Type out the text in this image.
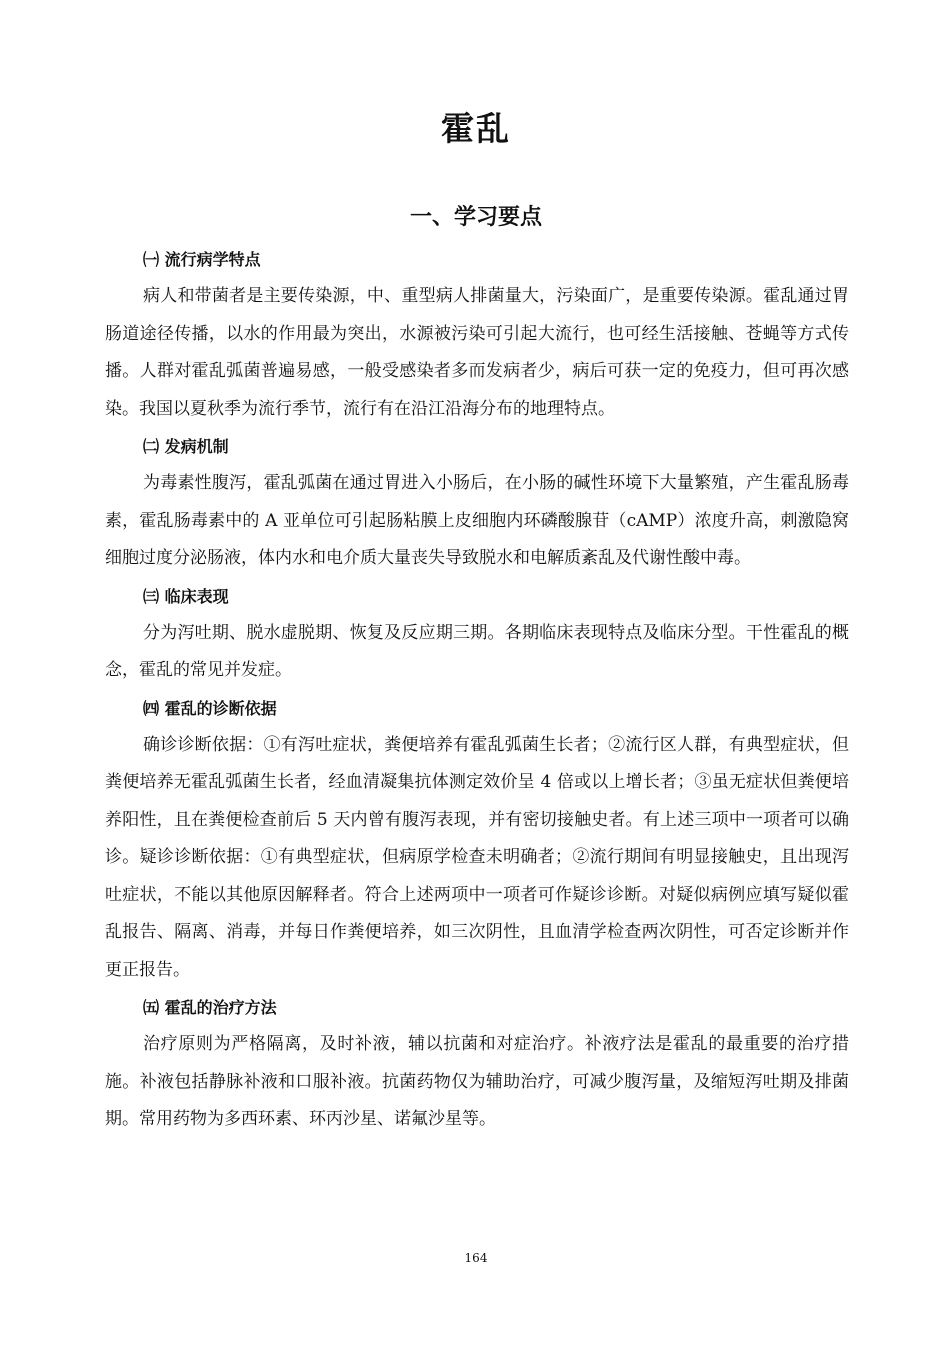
霍乱
一、学习要点
㈠ 流行病学特点

病人和带菌者是主要传染源，中、重型病人排菌量大，污染面广，是重要传染源。霍乱通过胃肠道途径传播，以水的作用最为突出，水源被污染可引起大流行，也可经生活接触、苍蝇等方式传播。人群对霍乱弧菌普遍易感，一般受感染者多而发病者少，病后可获一定的免疫力，但可再次感染。我国以夏秋季为流行季节，流行有在沿江沿海分布的地理特点。

㈡ 发病机制

为毒素性腹泻，霍乱弧菌在通过胃进入小肠后，在小肠的碱性环境下大量繁殖，产生霍乱肠毒素，霍乱肠毒素中的 A 亚单位可引起肠粘膜上皮细胞内环磷酸腺苷（cAMP）浓度升高，刺激隐窝细胞过度分泌肠液，体内水和电介质大量丧失导致脱水和电解质紊乱及代谢性酸中毒。

㈢ 临床表现

分为泻吐期、脱水虚脱期、恢复及反应期三期。各期临床表现特点及临床分型。干性霍乱的概念，霍乱的常见并发症。

㈣ 霍乱的诊断依据

确诊诊断依据：①有泻吐症状，粪便培养有霍乱弧菌生长者；②流行区人群，有典型症状，但粪便培养无霍乱弧菌生长者，经血清凝集抗体测定效价呈 4 倍或以上增长者；③虽无症状但粪便培养阳性，且在粪便检查前后 5 天内曾有腹泻表现，并有密切接触史者。有上述三项中一项者可以确诊。疑诊诊断依据：①有典型症状，但病原学检查未明确者；②流行期间有明显接触史，且出现泻吐症状，不能以其他原因解释者。符合上述两项中一项者可作疑诊诊断。对疑似病例应填写疑似霍乱报告、隔离、消毒，并每日作粪便培养，如三次阴性，且血清学检查两次阴性，可否定诊断并作更正报告。

㈤ 霍乱的治疗方法

治疗原则为严格隔离，及时补液，辅以抗菌和对症治疗。补液疗法是霍乱的最重要的治疗措施。补液包括静脉补液和口服补液。抗菌药物仅为辅助治疗，可减少腹泻量，及缩短泻吐期及排菌期。常用药物为多西环素、环丙沙星、诺氟沙星等。

164
